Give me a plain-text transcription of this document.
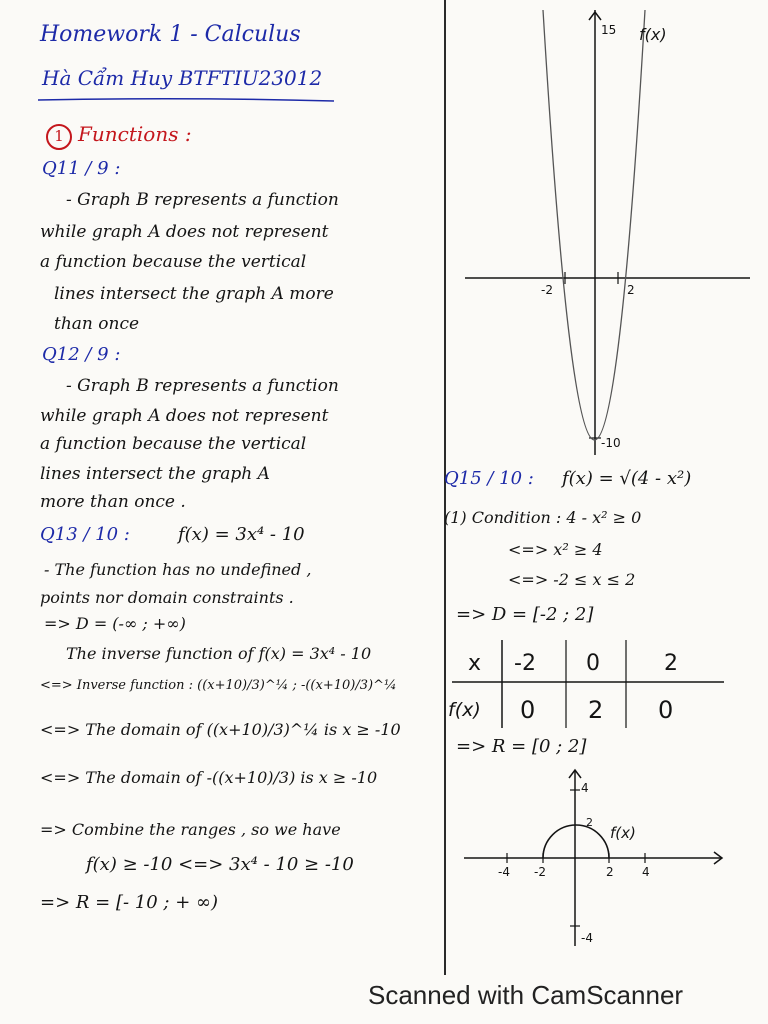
Homework 1 - Calculus
Hà Cẩm Huy BTFTIU23012
1 Functions :
Q11 / 9 :
- Graph B represents a function
while graph A does not represent
a function because the vertical
lines intersect the graph A more
than once
Q12 / 9 :
- Graph B represents a function
while graph A does not represent
a function because the vertical
lines intersect the graph A
more than once .
Q13 / 10 :	f(x) = 3x⁴ - 10
- The function has no undefined ,
points nor domain constraints .
=> D = (-∞ ; +∞)
The inverse function of f(x) = 3x⁴ - 10
<=> Inverse function : ((x+10)/3)^¼ ; -((x+10)/3)^¼
<=> The domain of ((x+10)/3)^¼ is x ≥ -10
<=> The domain of -((x+10)/3) is x ≥ -10
=> Combine the ranges , so we have
f(x) ≥ -10 <=> 3x⁴ - 10 ≥ -10
=> R = [- 10 ; + ∞)
15 f(x)
-2	2
-10
Q15 / 10 : f(x) = √(4 - x²)
(1) Condition : 4 - x² ≥ 0
<=> x² ≥ 4
<=> -2 ≤ x ≤ 2
=> D = [-2 ; 2]
x -2 0	2
f(x) 0 2 0
=> R = [0 ; 2]
4
2
f(x)
-4 -2	2 4
-4
Scanned with CamScanner
